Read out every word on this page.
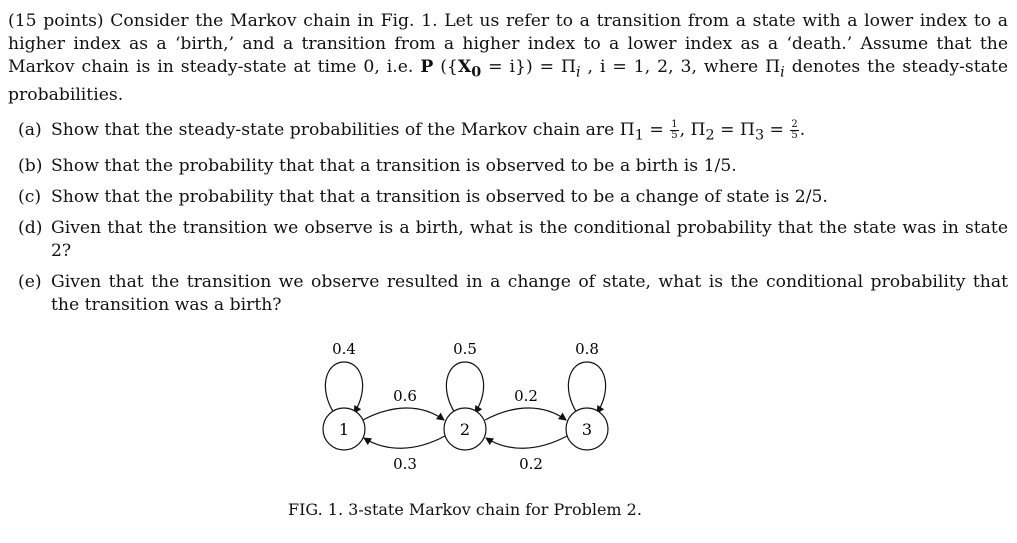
(15 points) Consider the Markov chain in Fig. 1. Let us refer to a transition from a state with a lower index to a higher index as a ‘birth,’ and a transition from a higher index to a lower index as a ‘death.’ Assume that the Markov chain is in steady-state at time 0, i.e. P $(\{X_0 = i\}) = \Pi_i$ , i = 1, 2, 3, where $\Pi_i$ denotes the steady-state probabilities.
(a) Show that the steady-state probabilities of the Markov chain are $\Pi_1 = \frac{1}{5}$ , $\Pi_2 = \Pi_3 = \frac{2}{5}$ .
(b) Show that the probability that that a transition is observed to be a birth is 1/5.
(c) Show that the probability that that a transition is observed to be a change of state is 2/5.
(d) Given that the transition we observe is a birth, what is the conditional probability that the state was in state 2?
(e) Given that the transition we observe resulted in a change of state, what is the conditional probability that the transition was a birth?
1	2	3
0.4	0.5	0.8
0.6	0.2
0.3	0.2
FIG. 1. 3-state Markov chain for Problem 2.
